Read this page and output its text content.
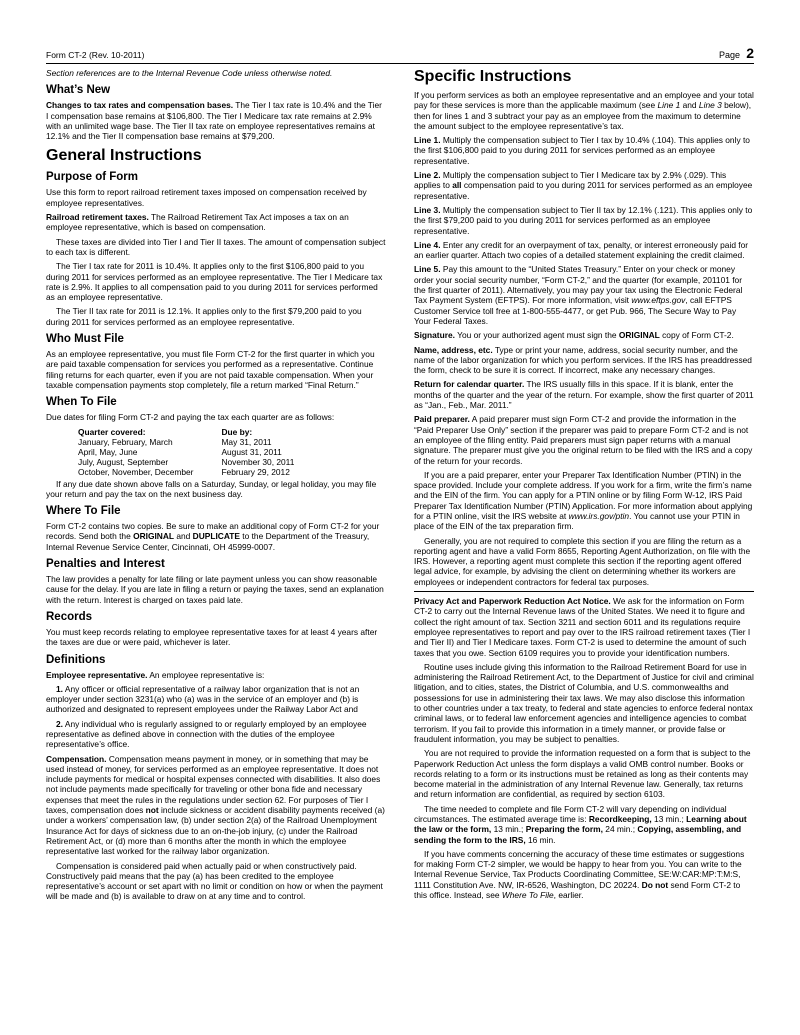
Form CT-2 (Rev. 10-2011)	Page 2

Section references are to the Internal Revenue Code unless otherwise noted.

What’s New

Changes to tax rates and compensation bases. The Tier I tax rate is 10.4% and the Tier I compensation base remains at $106,800. The Tier I Medicare tax rate remains at 2.9% with an unlimited wage base. The Tier II tax rate on employee representatives remains at 12.1% and the Tier II compensation base remains at $79,200.

General Instructions
Purpose of Form

Use this form to report railroad retirement taxes imposed on compensation received by employee representatives.

Railroad retirement taxes. The Railroad Retirement Tax Act imposes a tax on an employee representative, which is based on compensation.

These taxes are divided into Tier I and Tier II taxes. The amount of compensation subject to each tax is different.

The Tier I tax rate for 2011 is 10.4%. It applies only to the first $106,800 paid to you during 2011 for services performed as an employee representative. The Tier I Medicare tax rate is 2.9%. It applies to all compensation paid to you during 2011 for services performed as an employee representative.

The Tier II tax rate for 2011 is 12.1%. It applies only to the first $79,200 paid to you during 2011 for services performed as an employee representative.

Who Must File

As an employee representative, you must file Form CT-2 for the first quarter in which you are paid taxable compensation for services you performed as a representative. Continue filing returns for each quarter, even if you are not paid taxable compensation. When your taxable compensation payments stop completely, file a return marked “Final Return.”

When To File

Due dates for filing Form CT-2 and paying the tax each quarter are as follows:

Quarter covered:	Due by:
January, February, March	May 31, 2011
April, May, June	August 31, 2011
July, August, September	November 30, 2011
October, November, December	February 29, 2012

If any due date shown above falls on a Saturday, Sunday, or legal holiday, you may file your return and pay the tax on the next business day.

Where To File

Form CT-2 contains two copies. Be sure to make an additional copy of Form CT-2 for your records. Send both the ORIGINAL and DUPLICATE to the Department of the Treasury, Internal Revenue Service Center, Cincinnati, OH 45999-0007.

Penalties and Interest

The law provides a penalty for late filing or late payment unless you can show reasonable cause for the delay. If you are late in filing a return or paying the taxes, send an explanation with the return. Interest is charged on taxes paid late.

Records

You must keep records relating to employee representative taxes for at least 4 years after the taxes are due or were paid, whichever is later.

Definitions

Employee representative. An employee representative is:

1. Any officer or official representative of a railway labor organization that is not an employer under section 3231(a) who (a) was in the service of an employer and (b) is authorized and designated to represent employees under the Railway Labor Act and

2. Any individual who is regularly assigned to or regularly employed by an employee representative as defined above in connection with the duties of the employee representative’s office.

Compensation. Compensation means payment in money, or in something that may be used instead of money, for services performed as an employee representative. It does not include payments for medical or hospital expenses connected with disabilities. It also does not include payments made specifically for traveling or other bona fide and necessary expenses that meet the rules in the regulations under section 62. For purposes of Tier I taxes, compensation does not include sickness or accident disability payments received (a) under a workers’ compensation law, (b) under section 2(a) of the Railroad Unemployment Insurance Act for days of sickness due to an on-the-job injury, (c) under the Railroad Retirement Act, or (d) more than 6 months after the month in which the employee representative last worked for the railway labor organization.

Compensation is considered paid when actually paid or when constructively paid. Constructively paid means that the pay (a) has been credited to the employee representative’s account or set apart with no limit or condition on how or when the payment will be made and (b) is available to draw on at any time and to control.

Specific Instructions

If you perform services as both an employee representative and an employee and your total pay for these services is more than the applicable maximum (see Line 1 and Line 3 below), then for lines 1 and 3 subtract your pay as an employee from the maximum to determine the amount subject to the employee representative’s tax.

Line 1. Multiply the compensation subject to Tier I tax by 10.4% (.104). This applies only to the first $106,800 paid to you during 2011 for services performed as an employee representative.

Line 2. Multiply the compensation subject to Tier I Medicare tax by 2.9% (.029). This applies to all compensation paid to you during 2011 for services performed as an employee representative.

Line 3. Multiply the compensation subject to Tier II tax by 12.1% (.121). This applies only to the first $79,200 paid to you during 2011 for services performed as an employee representative.

Line 4. Enter any credit for an overpayment of tax, penalty, or interest erroneously paid for an earlier quarter. Attach two copies of a detailed statement explaining the credit claimed.

Line 5. Pay this amount to the “United States Treasury.” Enter on your check or money order your social security number, “Form CT-2,” and the quarter (for example, 201101 for the first quarter of 2011). Alternatively, you may pay your tax using the Electronic Federal Tax Payment System (EFTPS). For more information, visit www.eftps.gov, call EFTPS Customer Service toll free at 1-800-555-4477, or get Pub. 966, The Secure Way to Pay Your Federal Taxes.

Signature. You or your authorized agent must sign the ORIGINAL copy of Form CT-2.

Name, address, etc. Type or print your name, address, social security number, and the name of the labor organization for which you perform services. If the IRS has preaddressed the form, check to be sure it is correct. If incorrect, make any necessary changes.

Return for calendar quarter. The IRS usually fills in this space. If it is blank, enter the months of the quarter and the year of the return. For example, show the first quarter of 2011 as “Jan., Feb., Mar. 2011.”

Paid preparer. A paid preparer must sign Form CT-2 and provide the information in the “Paid Preparer Use Only” section if the preparer was paid to prepare Form CT-2 and is not an employee of the filing entity. Paid preparers must sign paper returns with a manual signature. The preparer must give you the original return to be filed with the IRS and a copy of the return for your records.

If you are a paid preparer, enter your Preparer Tax Identification Number (PTIN) in the space provided. Include your complete address. If you work for a firm, write the firm’s name and the EIN of the firm. You can apply for a PTIN online or by filing Form W-12, IRS Paid Preparer Tax Identification Number (PTIN) Application. For more information about applying for a PTIN online, visit the IRS website at www.irs.gov/ptin. You cannot use your PTIN in place of the EIN of the tax preparation firm.

Generally, you are not required to complete this section if you are filing the return as a reporting agent and have a valid Form 8655, Reporting Agent Authorization, on file with the IRS. However, a reporting agent must complete this section if the reporting agent offered legal advice, for example, by advising the client on determining whether its workers are employees or independent contractors for federal tax purposes.

Privacy Act and Paperwork Reduction Act Notice. We ask for the information on Form CT-2 to carry out the Internal Revenue laws of the United States. We need it to figure and collect the right amount of tax. Section 3211 and section 6011 and its regulations require employee representatives to report and pay over to the IRS railroad retirement taxes (Tier I and Tier II) and Tier I Medicare taxes. Form CT-2 is used to determine the amount of such taxes that you owe. Section 6109 requires you to provide your identification numbers.

Routine uses include giving this information to the Railroad Retirement Board for use in administering the Railroad Retirement Act, to the Department of Justice for civil and criminal litigation, and to cities, states, the District of Columbia, and U.S. commonwealths and possessions for use in administering their tax laws. We may also disclose this information to other countries under a tax treaty, to federal and state agencies to enforce federal nontax criminal laws, or to federal law enforcement agencies and intelligence agencies to combat terrorism. If you fail to provide this information in a timely manner, or provide false or fraudulent information, you may be subject to penalties.

You are not required to provide the information requested on a form that is subject to the Paperwork Reduction Act unless the form displays a valid OMB control number. Books or records relating to a form or its instructions must be retained as long as their contents may become material in the administration of any Internal Revenue law. Generally, tax returns and return information are confidential, as required by section 6103.

The time needed to complete and file Form CT-2 will vary depending on individual circumstances. The estimated average time is: Recordkeeping, 13 min.; Learning about the law or the form, 13 min.; Preparing the form, 24 min.; Copying, assembling, and sending the form to the IRS, 16 min.

If you have comments concerning the accuracy of these time estimates or suggestions for making Form CT-2 simpler, we would be happy to hear from you. You can write to the Internal Revenue Service, Tax Products Coordinating Committee, SE:W:CAR:MP:T:M:S, 1111 Constitution Ave. NW, IR-6526, Washington, DC 20224. Do not send Form CT-2 to this office. Instead, see Where To File, earlier.
